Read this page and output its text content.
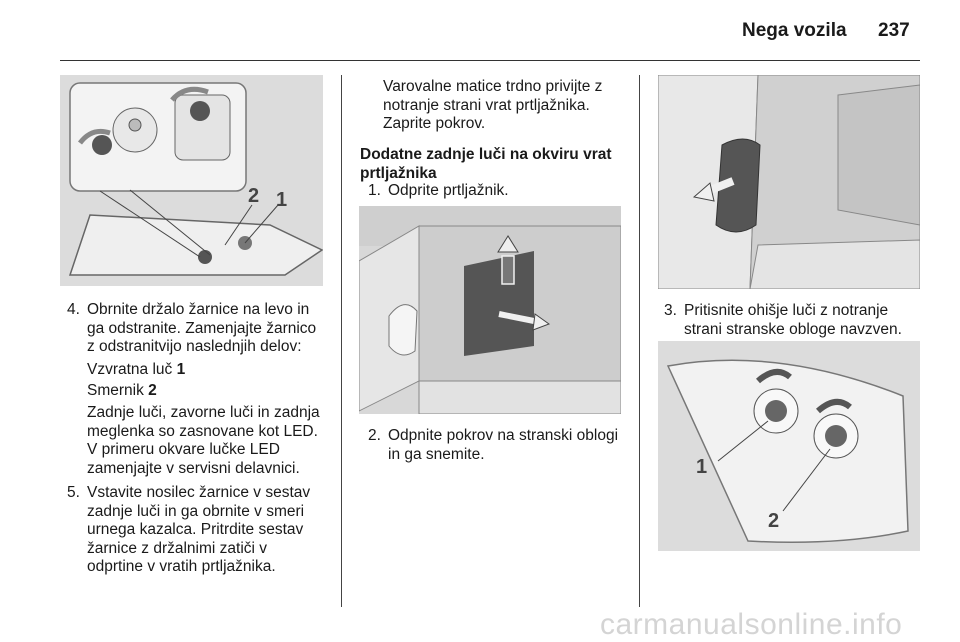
Nega vozila 237
2 1
4. Obrnite držalo žarnice na levo in
ga odstranite. Zamenjajte žarnico
z odstranitvijo naslednjih delov:
Vzvratna luč 1
Smernik 2
Zadnje luči, zavorne luči in zadnja
meglenka so zasnovane kot LED.
V primeru okvare lučke LED
zamenjajte v servisni delavnici.
5. Vstavite nosilec žarnice v sestav
zadnje luči in ga obrnite v smeri
urnega kazalca. Pritrdite sestav
žarnice z držalnimi zatiči v
odprtine v vratih prtljažnika.
Varovalne matice trdno privijte z
notranje strani vrat prtljažnika.
Zaprite pokrov.
Dodatne zadnje luči na okviru vrat
prtljažnika
1. Odprite prtljažnik.
2. Odpnite pokrov na stranski oblogi
in ga snemite.
3. Pritisnite ohišje luči z notranje
strani stranske obloge navzven.
1
2
carmanualsonline.info
